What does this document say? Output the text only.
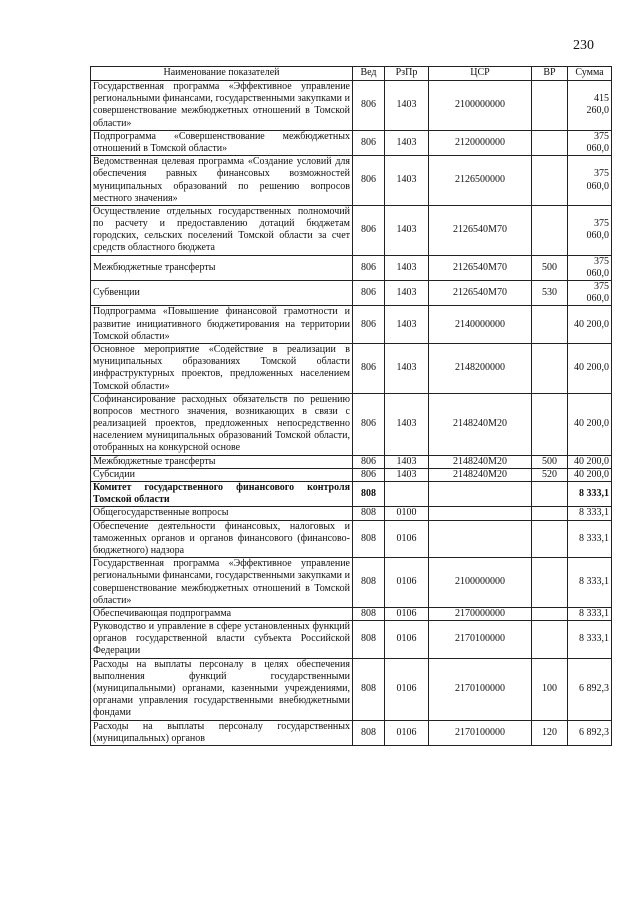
230
Наименование показателей	Вед	РзПр	ЦСР	ВР	Сумма
Государственная программа «Эффективное управление региональными финансами, государственными закупками и совершенствование межбюджетных отношений в Томской области»	806	1403	2100000000		415 260,0
Подпрограмма «Совершенствование межбюджетных отношений в Томской области»	806	1403	2120000000		375 060,0
Ведомственная целевая программа «Создание условий для обеспечения равных финансовых возможностей муниципальных образований по решению вопросов местного значения»	806	1403	2126500000		375 060,0
Осуществление отдельных государственных полномочий по расчету и предоставлению дотаций бюджетам городских, сельских поселений Томской области за счет средств областного бюджета	806	1403	2126540М70		375 060,0
Межбюджетные трансферты	806	1403	2126540М70	500	375 060,0
Субвенции	806	1403	2126540М70	530	375 060,0
Подпрограмма «Повышение финансовой грамотности и развитие инициативного бюджетирования на территории Томской области»	806	1403	2140000000		40 200,0
Основное мероприятие «Содействие в реализации в муниципальных образованиях Томской области инфраструктурных проектов, предложенных населением Томской области»	806	1403	2148200000		40 200,0
Софинансирование расходных обязательств по решению вопросов местного значения, возникающих в связи с реализацией проектов, предложенных непосредственно населением муниципальных образований Томской области, отобранных на конкурсной основе	806	1403	2148240М20		40 200,0
Межбюджетные трансферты	806	1403	2148240М20	500	40 200,0
Субсидии	806	1403	2148240М20	520	40 200,0
Комитет государственного финансового контроля Томской области	808				8 333,1
Общегосударственные вопросы	808	0100			8 333,1
Обеспечение деятельности финансовых, налоговых и таможенных органов и органов финансового (финансово-бюджетного) надзора	808	0106			8 333,1
Государственная программа «Эффективное управление региональными финансами, государственными закупками и совершенствование межбюджетных отношений в Томской области»	808	0106	2100000000		8 333,1
Обеспечивающая подпрограмма	808	0106	2170000000		8 333,1
Руководство и управление в сфере установленных функций органов государственной власти субъекта Российской Федерации	808	0106	2170100000		8 333,1
Расходы на выплаты персоналу в целях обеспечения выполнения функций государственными (муниципальными) органами, казенными учреждениями, органами управления государственными внебюджетными фондами	808	0106	2170100000	100	6 892,3
Расходы на выплаты персоналу государственных (муниципальных) органов	808	0106	2170100000	120	6 892,3
